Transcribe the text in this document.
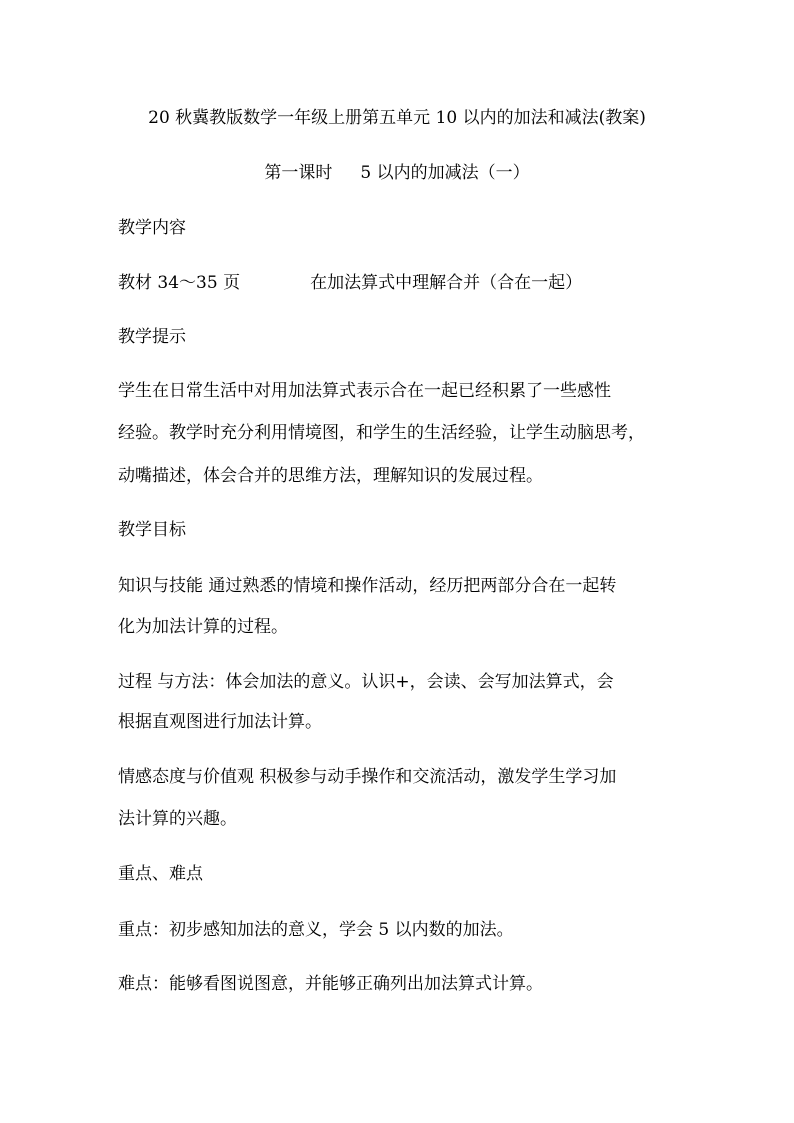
20 秋冀教版数学一年级上册第五单元 10 以内的加法和减法(教案)
第一课时 5 以内的加减法（一）
教学内容
教材 34～35 页	在加法算式中理解合并（合在一起）
教学提示
学生在日常生活中对用加法算式表示合在一起已经积累了一些感性
经验。教学时充分利用情境图，和学生的生活经验，让学生动脑思考，
动嘴描述，体会合并的思维方法，理解知识的发展过程。
教学目标
知识与技能 通过熟悉的情境和操作活动，经历把两部分合在一起转
化为加法计算的过程。
过程 与方法：体会加法的意义。认识+，会读、会写加法算式，会
根据直观图进行加法计算。
情感态度与价值观 积极参与动手操作和交流活动，激发学生学习加
法计算的兴趣。
重点、难点
重点：初步感知加法的意义，学会 5 以内数的加法。
难点：能够看图说图意，并能够正确列出加法算式计算。
